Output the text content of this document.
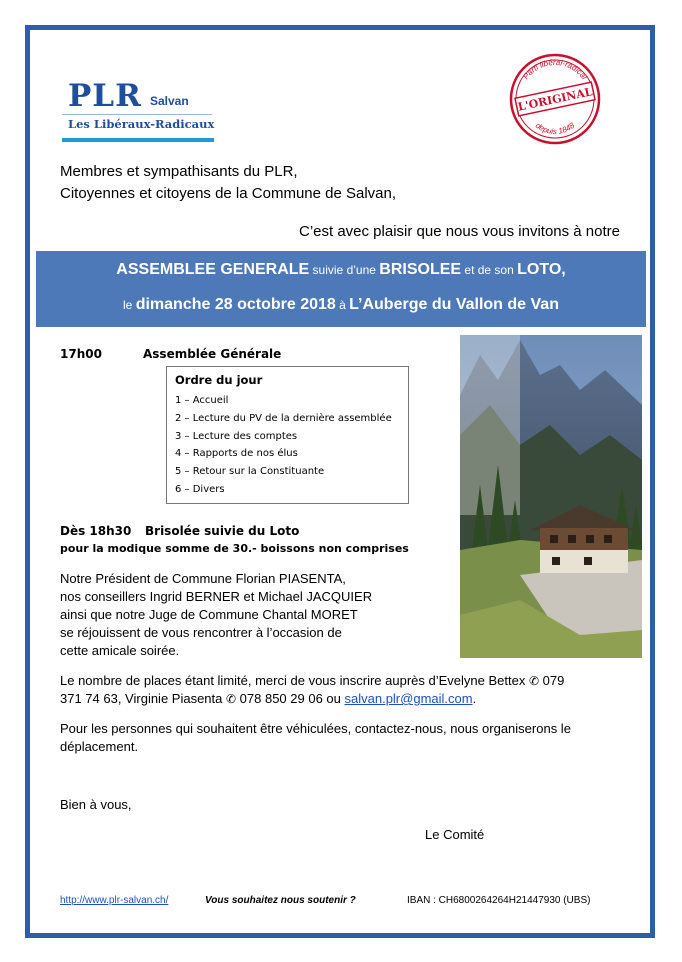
PLR Salvan
Les Libéraux-Radicaux
Parti libéral-radical
L'ORIGINAL
depuis 1848
Membres et sympathisants du PLR,
Citoyennes et citoyens de la Commune de Salvan,
C’est avec plaisir que nous vous invitons à notre
ASSEMBLEE GENERALE suivie d’une BRISOLEE et de son LOTO,
le dimanche 28 octobre 2018 à L’Auberge du Vallon de Van
17h00	Assemblée Générale
Ordre du jour
1 – Accueil
2 – Lecture du PV de la dernière assemblée
3 – Lecture des comptes
4 – Rapports de nos élus
5 – Retour sur la Constituante
6 – Divers
Dès 18h30 Brisolée suivie du Loto
pour la modique somme de 30.- boissons non comprises
Notre Président de Commune Florian PIASENTA,
nos conseillers Ingrid BERNER et Michael JACQUIER
ainsi que notre Juge de Commune Chantal MORET
se réjouissent de vous rencontrer à l’occasion de
cette amicale soirée.
Le nombre de places étant limité, merci de vous inscrire auprès d’Evelyne Bettex ✆ 079
371 74 63, Virginie Piasenta ✆ 078 850 29 06 ou salvan.plr@gmail.com.
Pour les personnes qui souhaitent être véhiculées, contactez-nous, nous organiserons le
déplacement.
Bien à vous,
Le Comité
http://www.plr-salvan.ch/	Vous souhaitez nous soutenir ?	IBAN : CH6800264264H21447930 (UBS)
